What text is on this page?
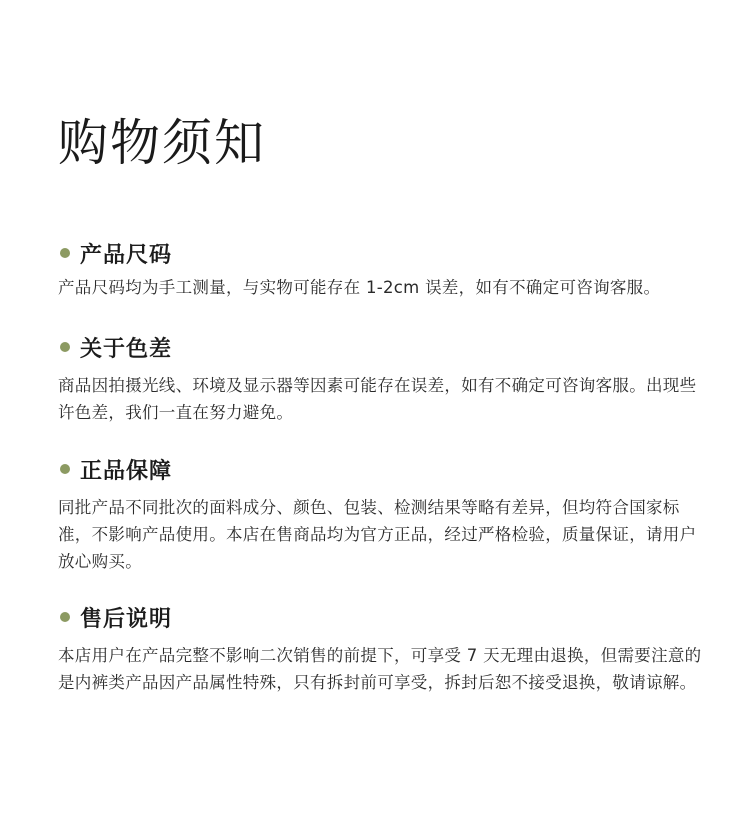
购物须知
产品尺码
产品尺码均为手工测量，与实物可能存在 1-2cm 误差，如有不确定可咨询客服。
关于色差
商品因拍摄光线、环境及显示器等因素可能存在误差，如有不确定可咨询客服。出现些许色差，我们一直在努力避免。
正品保障
同批产品不同批次的面料成分、颜色、包装、检测结果等略有差异，但均符合国家标准，不影响产品使用。本店在售商品均为官方正品，经过严格检验，质量保证，请用户放心购买。
售后说明
本店用户在产品完整不影响二次销售的前提下，可享受 7 天无理由退换，但需要注意的是内裤类产品因产品属性特殊，只有拆封前可享受，拆封后恕不接受退换，敬请谅解。
